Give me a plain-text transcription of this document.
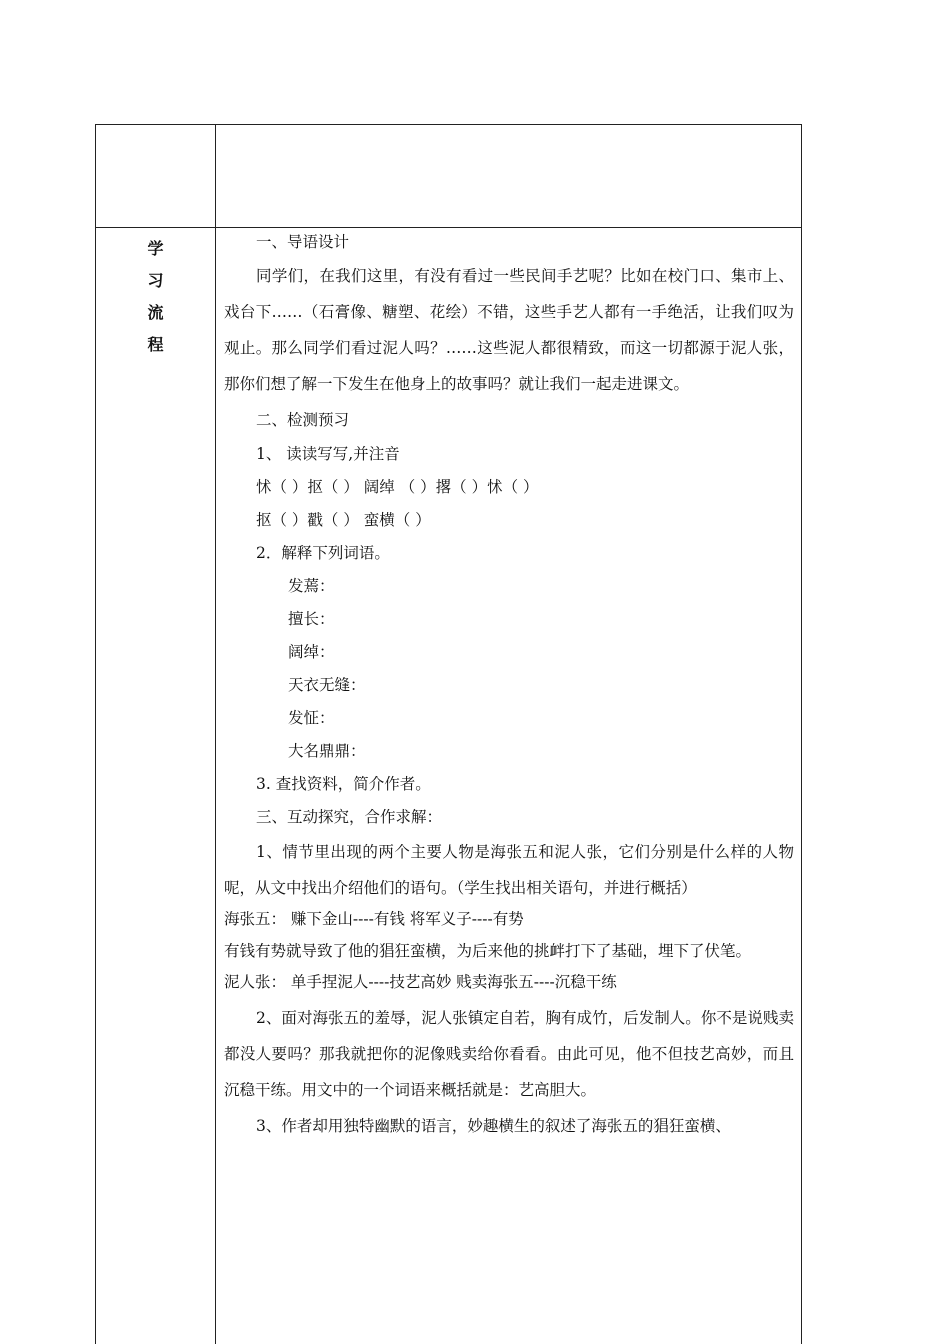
学
习
流
程
一、导语设计
同学们，在我们这里，有没有看过一些民间手艺呢？比如在校门口、集市上、戏台下……（石膏像、糖塑、花绘）不错，这些手艺人都有一手绝活，让我们叹为观止。那么同学们看过泥人吗？……这些泥人都很精致，而这一切都源于泥人张，那你们想了解一下发生在他身上的故事吗？就让我们一起走进课文。
二、检测预习
1、 读读写写,并注音
怵（ ）抠（ ） 阔绰 （ ）撂（ ）怵（ ）
抠（ ）戳（ ） 蛮横（ ）
2．解释下列词语。
发蔫：
擅长：
阔绰：
天衣无缝：
发怔：
大名鼎鼎：
3. 查找资料，简介作者。
三、互动探究，合作求解：
1、情节里出现的两个主要人物是海张五和泥人张，它们分别是什么样的人物呢，从文中找出介绍他们的语句。（学生找出相关语句，并进行概括）
海张五： 赚下金山----有钱 将军义子----有势
有钱有势就导致了他的猖狂蛮横，为后来他的挑衅打下了基础，埋下了伏笔。
泥人张： 单手捏泥人----技艺高妙 贱卖海张五----沉稳干练
2、面对海张五的羞辱，泥人张镇定自若，胸有成竹，后发制人。你不是说贱卖都没人要吗？那我就把你的泥像贱卖给你看看。由此可见，他不但技艺高妙，而且沉稳干练。用文中的一个词语来概括就是：艺高胆大。
3、作者却用独特幽默的语言，妙趣横生的叙述了海张五的猖狂蛮横、
